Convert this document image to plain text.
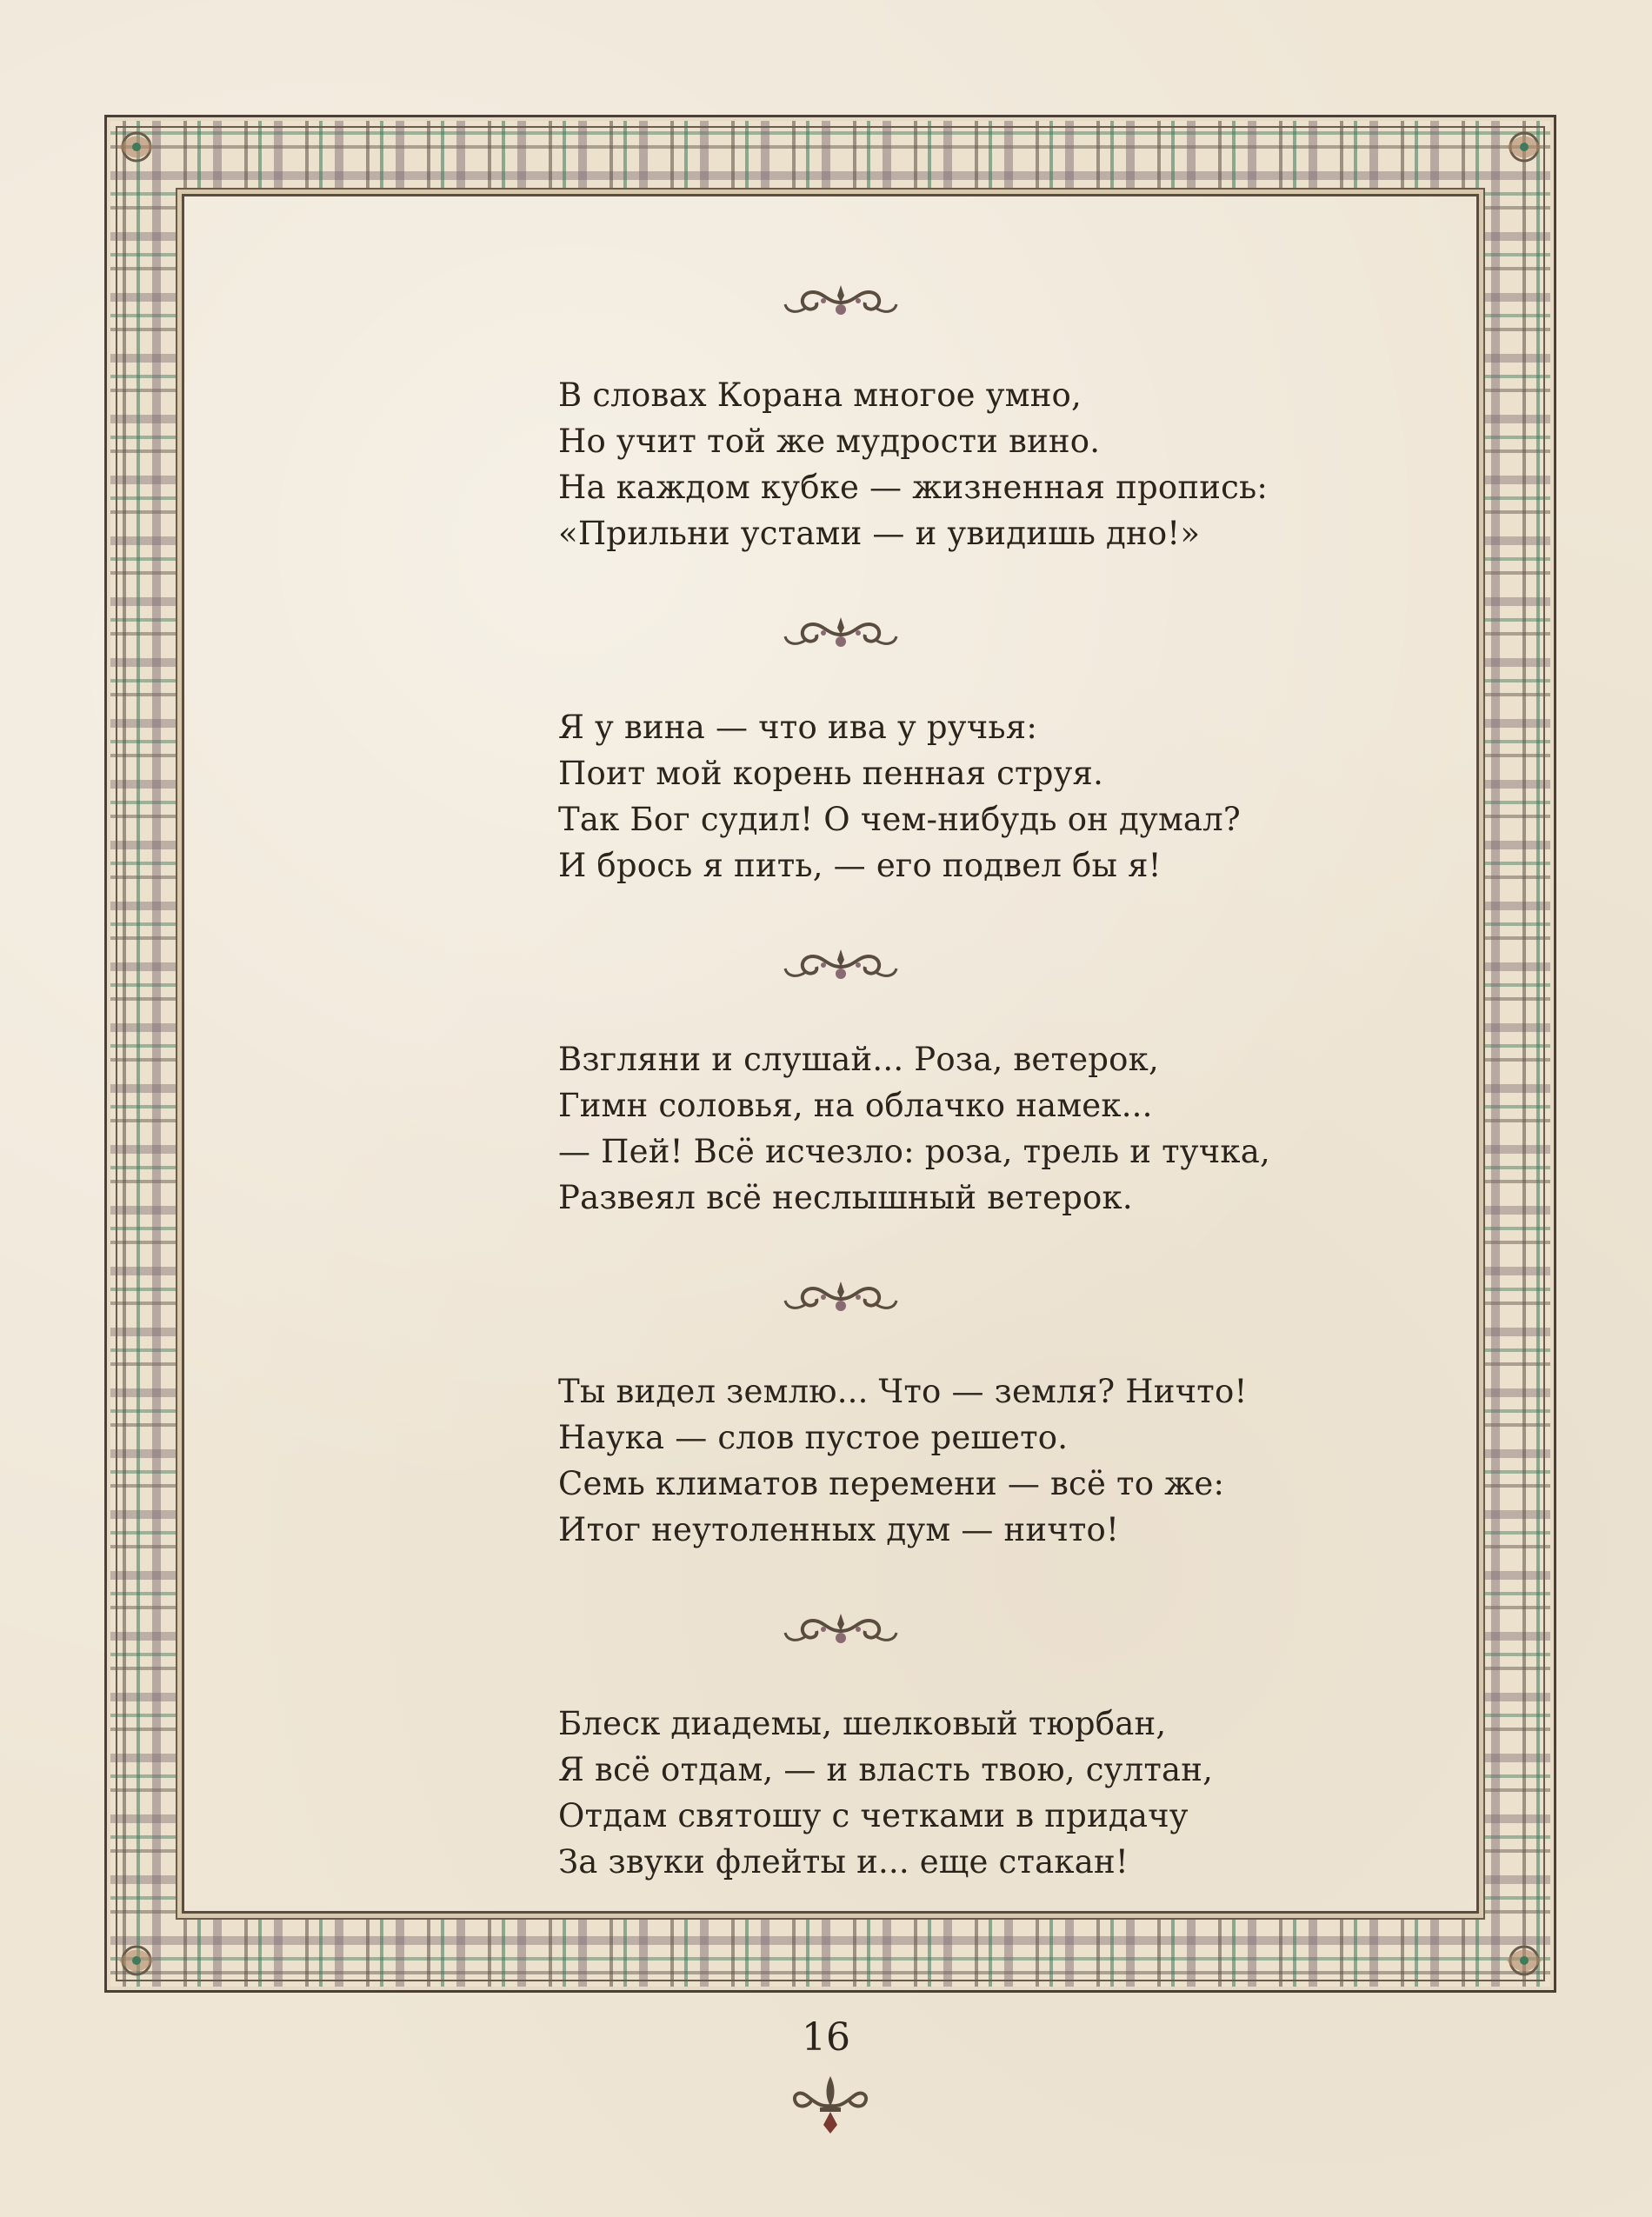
В словах Корана многое умно,
Но учит той же мудрости вино.
На каждом кубке — жизненная пропись:
«Прильни устами — и увидишь дно!»
Я у вина — что ива у ручья:
Поит мой корень пенная струя.
Так Бог судил! О чем-нибудь он думал?
И брось я пить, — его подвел бы я!
Взгляни и слушай... Роза, ветерок,
Гимн соловья, на облачко намек...
— Пей! Всё исчезло: роза, трель и тучка,
Развеял всё неслышный ветерок.
Ты видел землю... Что — земля? Ничто!
Наука — слов пустое решето.
Семь климатов перемени — всё то же:
Итог неутоленных дум — ничто!
Блеск диадемы, шелковый тюрбан,
Я всё отдам, — и власть твою, султан,
Отдам святошу с четками в придачу
За звуки флейты и... еще стакан!
16
